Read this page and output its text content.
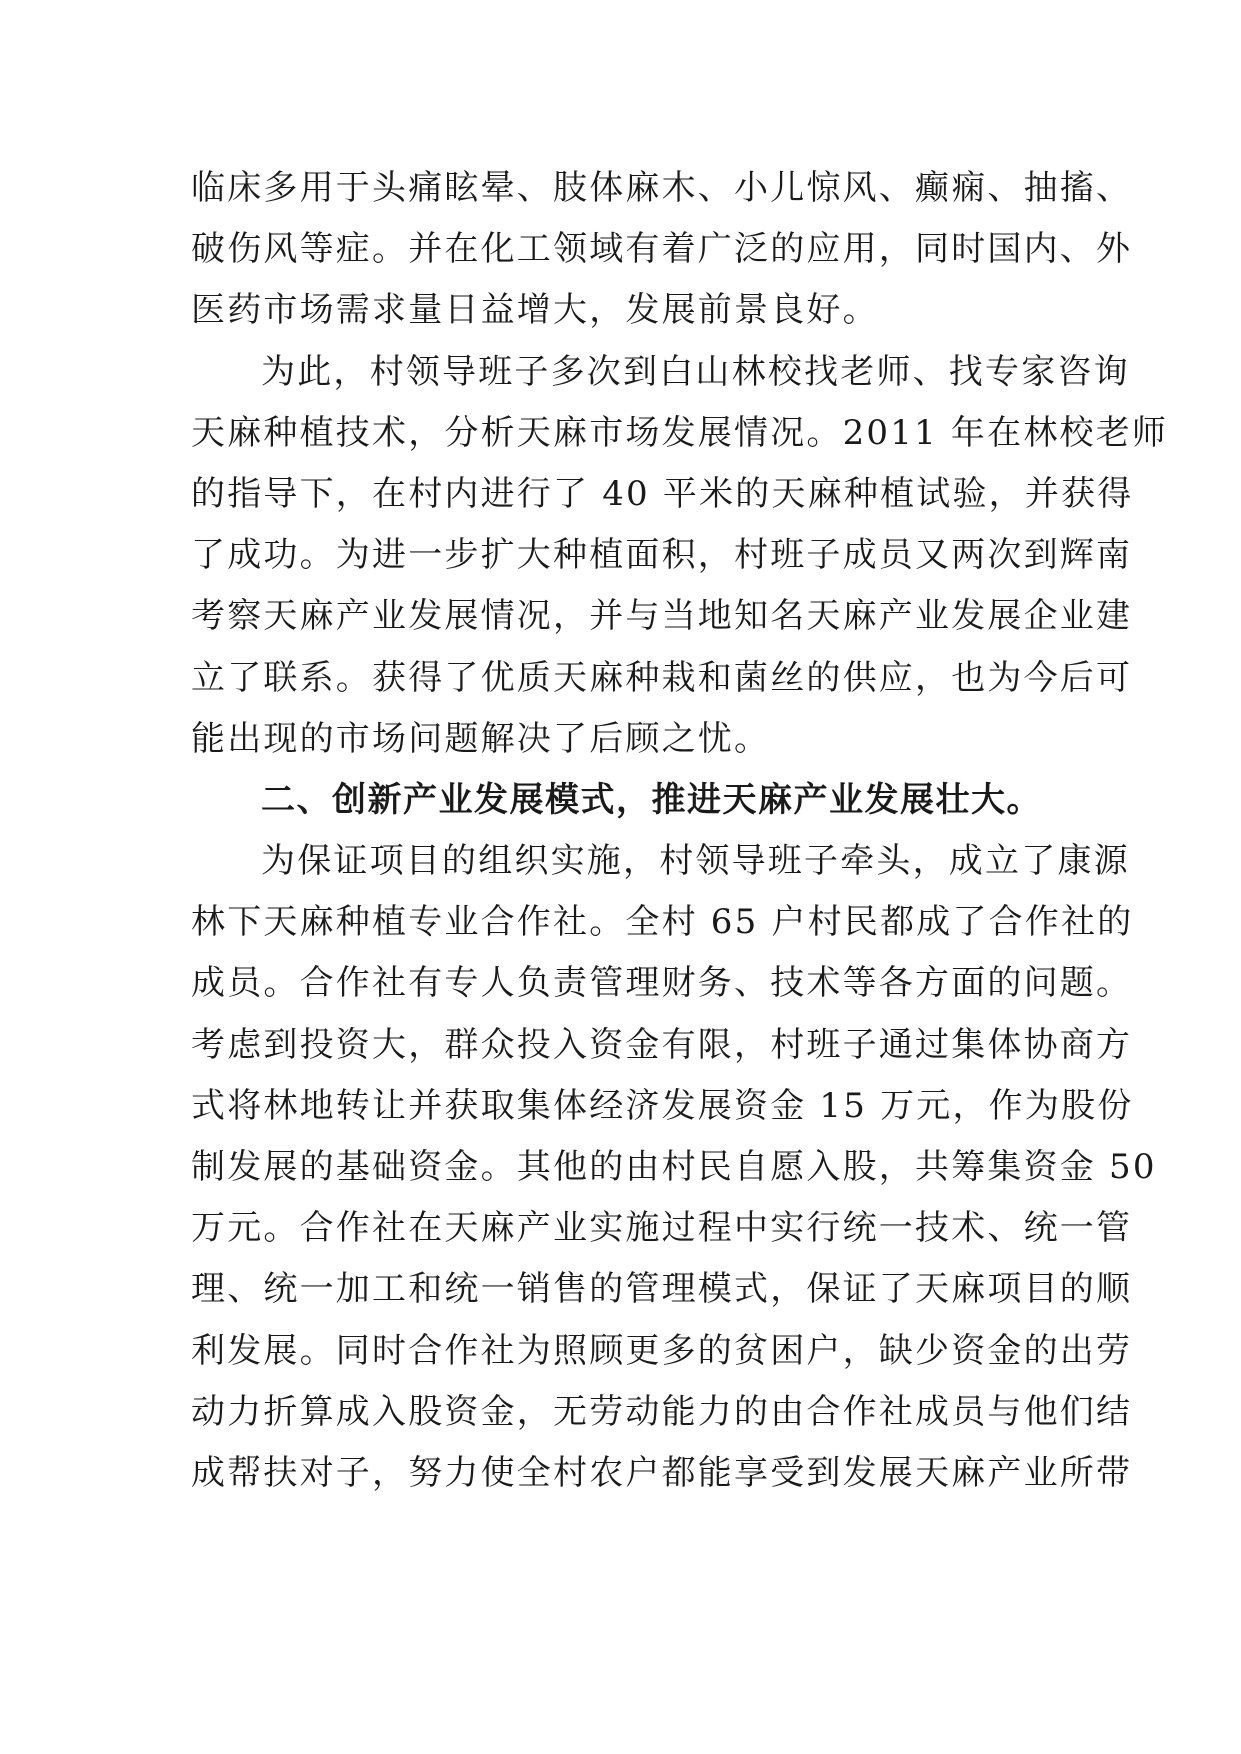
临床多用于头痛眩晕、肢体麻木、小儿惊风、癫痫、抽搐、
破伤风等症。并在化工领域有着广泛的应用，同时国内、外
医药市场需求量日益增大，发展前景良好。
为此，村领导班子多次到白山林校找老师、找专家咨询
天麻种植技术，分析天麻市场发展情况。2011 年在林校老师
的指导下，在村内进行了 40 平米的天麻种植试验，并获得
了成功。为进一步扩大种植面积，村班子成员又两次到辉南
考察天麻产业发展情况，并与当地知名天麻产业发展企业建
立了联系。获得了优质天麻种栽和菌丝的供应，也为今后可
能出现的市场问题解决了后顾之忧。
二、创新产业发展模式，推进天麻产业发展壮大。
为保证项目的组织实施，村领导班子牵头，成立了康源
林下天麻种植专业合作社。全村 65 户村民都成了合作社的
成员。合作社有专人负责管理财务、技术等各方面的问题。
考虑到投资大，群众投入资金有限，村班子通过集体协商方
式将林地转让并获取集体经济发展资金 15 万元，作为股份
制发展的基础资金。其他的由村民自愿入股，共筹集资金 50
万元。合作社在天麻产业实施过程中实行统一技术、统一管
理、统一加工和统一销售的管理模式，保证了天麻项目的顺
利发展。同时合作社为照顾更多的贫困户，缺少资金的出劳
动力折算成入股资金，无劳动能力的由合作社成员与他们结
成帮扶对子，努力使全村农户都能享受到发展天麻产业所带
